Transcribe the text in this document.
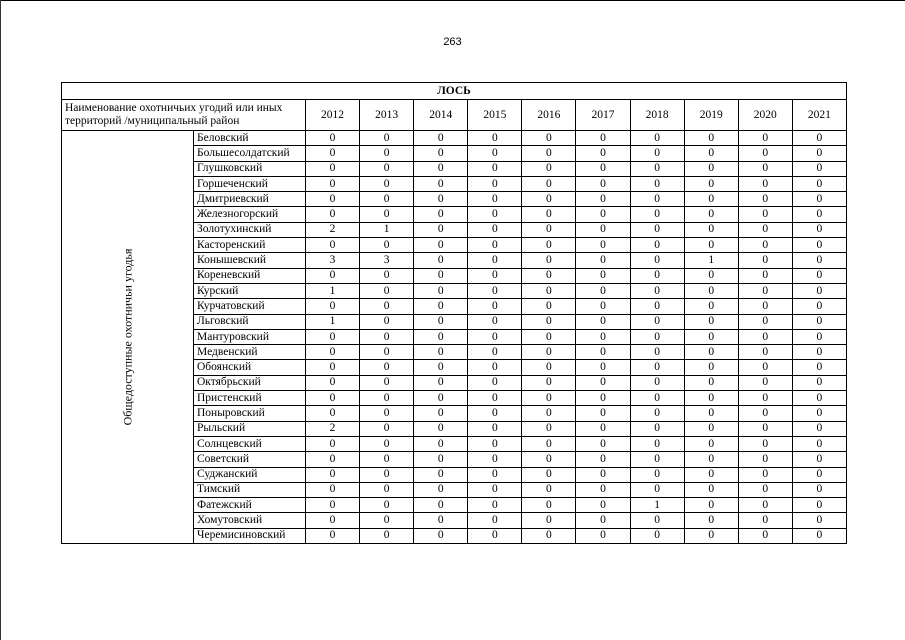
263
ЛОСЬ											
Наименование охотничьих угодий или иных территорий /муниципальный район		2012	2013	2014	2015	2016	2017	2018	2019	2020	2021

Общедоступные охотничьи угодья	Беловский	0	0	0	0	0	0	0	0	0	0
	Большесолдатский	0	0	0	0	0	0	0	0	0	0
	Глушковский	0	0	0	0	0	0	0	0	0	0
	Горшеченский	0	0	0	0	0	0	0	0	0	0
	Дмитриевский	0	0	0	0	0	0	0	0	0	0
	Железногорский	0	0	0	0	0	0	0	0	0	0
	Золотухинский	2	1	0	0	0	0	0	0	0	0
	Касторенский	0	0	0	0	0	0	0	0	0	0
	Конышевский	3	3	0	0	0	0	0	1	0	0
	Кореневский	0	0	0	0	0	0	0	0	0	0
	Курский	1	0	0	0	0	0	0	0	0	0
	Курчатовский	0	0	0	0	0	0	0	0	0	0
	Льговский	1	0	0	0	0	0	0	0	0	0
	Мантуровский	0	0	0	0	0	0	0	0	0	0
	Медвенский	0	0	0	0	0	0	0	0	0	0
	Обоянский	0	0	0	0	0	0	0	0	0	0
	Октябрьский	0	0	0	0	0	0	0	0	0	0
	Пристенский	0	0	0	0	0	0	0	0	0	0
	Поныровский	0	0	0	0	0	0	0	0	0	0
	Рыльский	2	0	0	0	0	0	0	0	0	0
	Солнцевский	0	0	0	0	0	0	0	0	0	0
	Советский	0	0	0	0	0	0	0	0	0	0
	Суджанский	0	0	0	0	0	0	0	0	0	0
	Тимский	0	0	0	0	0	0	0	0	0	0
	Фатежский	0	0	0	0	0	0	1	0	0	0
	Хомутовский	0	0	0	0	0	0	0	0	0	0
	Черемисиновский	0	0	0	0	0	0	0	0	0	0
